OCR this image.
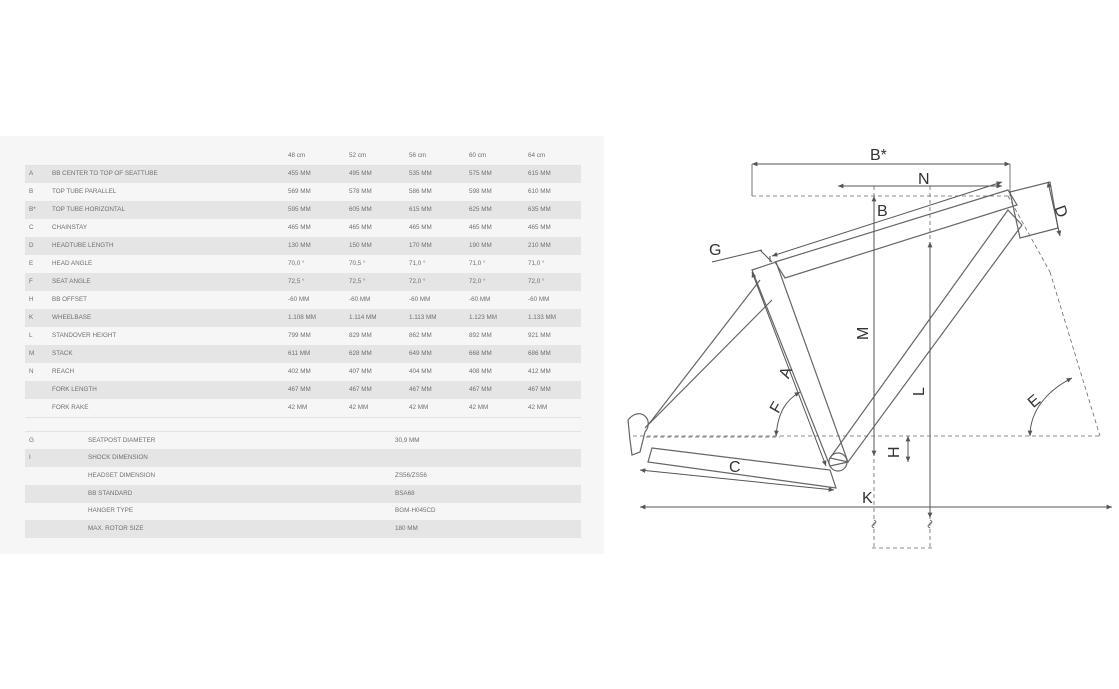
		48 cm	52 cm	56 cm	60 cm	64 cm
A	BB CENTER TO TOP OF SEATTUBE	455 MM	495 MM	535 MM	575 MM	615 MM
B	TOP TUBE PARALLEL	569 MM	578 MM	586 MM	598 MM	610 MM
B*	TOP TUBE HORIZONTAL	595 MM	605 MM	615 MM	625 MM	635 MM
C	CHAINSTAY	465 MM	465 MM	465 MM	465 MM	465 MM
D	HEADTUBE LENGTH	130 MM	150 MM	170 MM	190 MM	210 MM
E	HEAD ANGLE	70,0 °	70,5 °	71,0 °	71,0 °	71,0 °
F	SEAT ANGLE	72,5 °	72,5 °	72,0 °	72,0 °	72,0 °
H	BB OFFSET	-60 MM	-60 MM	-60 MM	-60 MM	-60 MM
K	WHEELBASE	1.108 MM	1.114 MM	1.113 MM	1.123 MM	1.133 MM
L	STANDOVER HEIGHT	799 MM	829 MM	862 MM	892 MM	921 MM
M	STACK	611 MM	628 MM	649 MM	668 MM	686 MM
N	REACH	402 MM	407 MM	404 MM	408 MM	412 MM
	FORK LENGTH	467 MM	467 MM	467 MM	467 MM	467 MM
	FORK RAKE	42 MM	42 MM	42 MM	42 MM	42 MM
G	SEATPOST DIAMETER	30,9 MM
I	SHOCK DIMENSION	
	HEADSET DIMENSION	ZS56/ZS56
	BB STANDARD	BSA68
	HANGER TYPE	BGM-H045CD
	MAX. ROTOR SIZE	180 MM
B*
N
B	D
G
M
A
F
L
E
H
C
K
